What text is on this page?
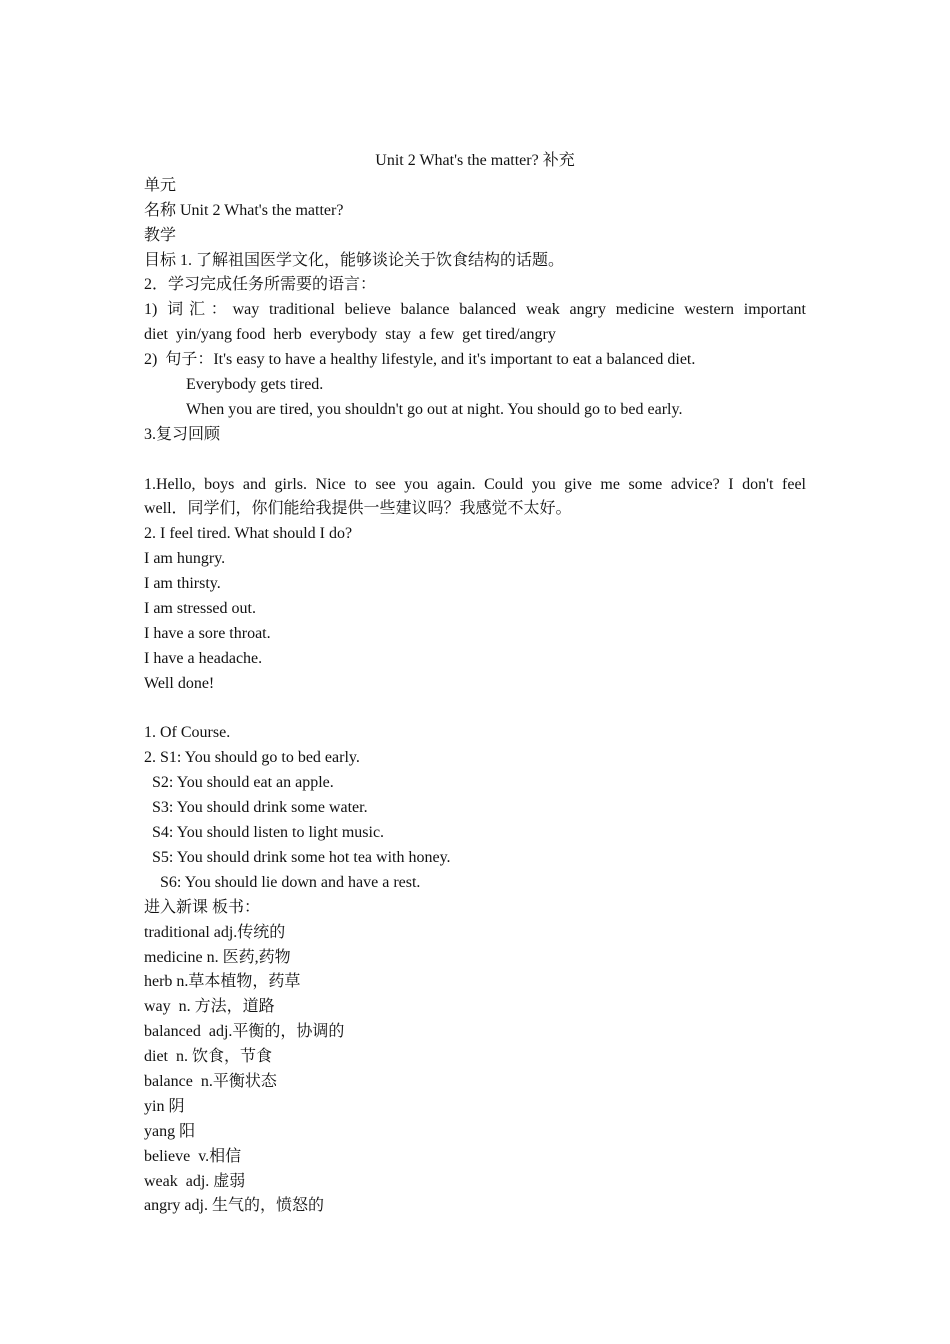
Unit 2 What's the matter? 补充
单元
名称 Unit 2 What's the matter?
教学
目标 1. 了解祖国医学文化，能够谈论关于饮食结构的话题。
2．学习完成任务所需要的语言：
1) 词汇：way traditional believe balance balanced weak angry medicine western important
diet  yin/yang food  herb  everybody  stay  a few  get tired/angry
2)  句子：It's easy to have a healthy lifestyle, and it's important to eat a balanced diet.
Everybody gets tired.
When you are tired, you shouldn't go out at night. You should go to bed early.
3.复习回顾
1.Hello, boys and girls. Nice to see you again. Could you give me some advice? I don't feel
well．同学们，你们能给我提供一些建议吗？我感觉不太好。
2. I feel tired. What should I do?
I am hungry.
I am thirsty.
I am stressed out.
I have a sore throat.
I have a headache.
Well done!
1. Of Course.
2. S1: You should go to bed early.
S2: You should eat an apple.
S3: You should drink some water.
S4: You should listen to light music.
S5: You should drink some hot tea with honey.
S6: You should lie down and have a rest.
进入新课 板书：
traditional adj.传统的
medicine n. 医药,药物
herb n.草本植物，药草
way  n. 方法，道路
balanced  adj.平衡的，协调的
diet  n. 饮食，节食
balance  n.平衡状态
yin 阴
yang 阳
believe  v.相信
weak  adj. 虚弱
angry adj. 生气的，愤怒的
